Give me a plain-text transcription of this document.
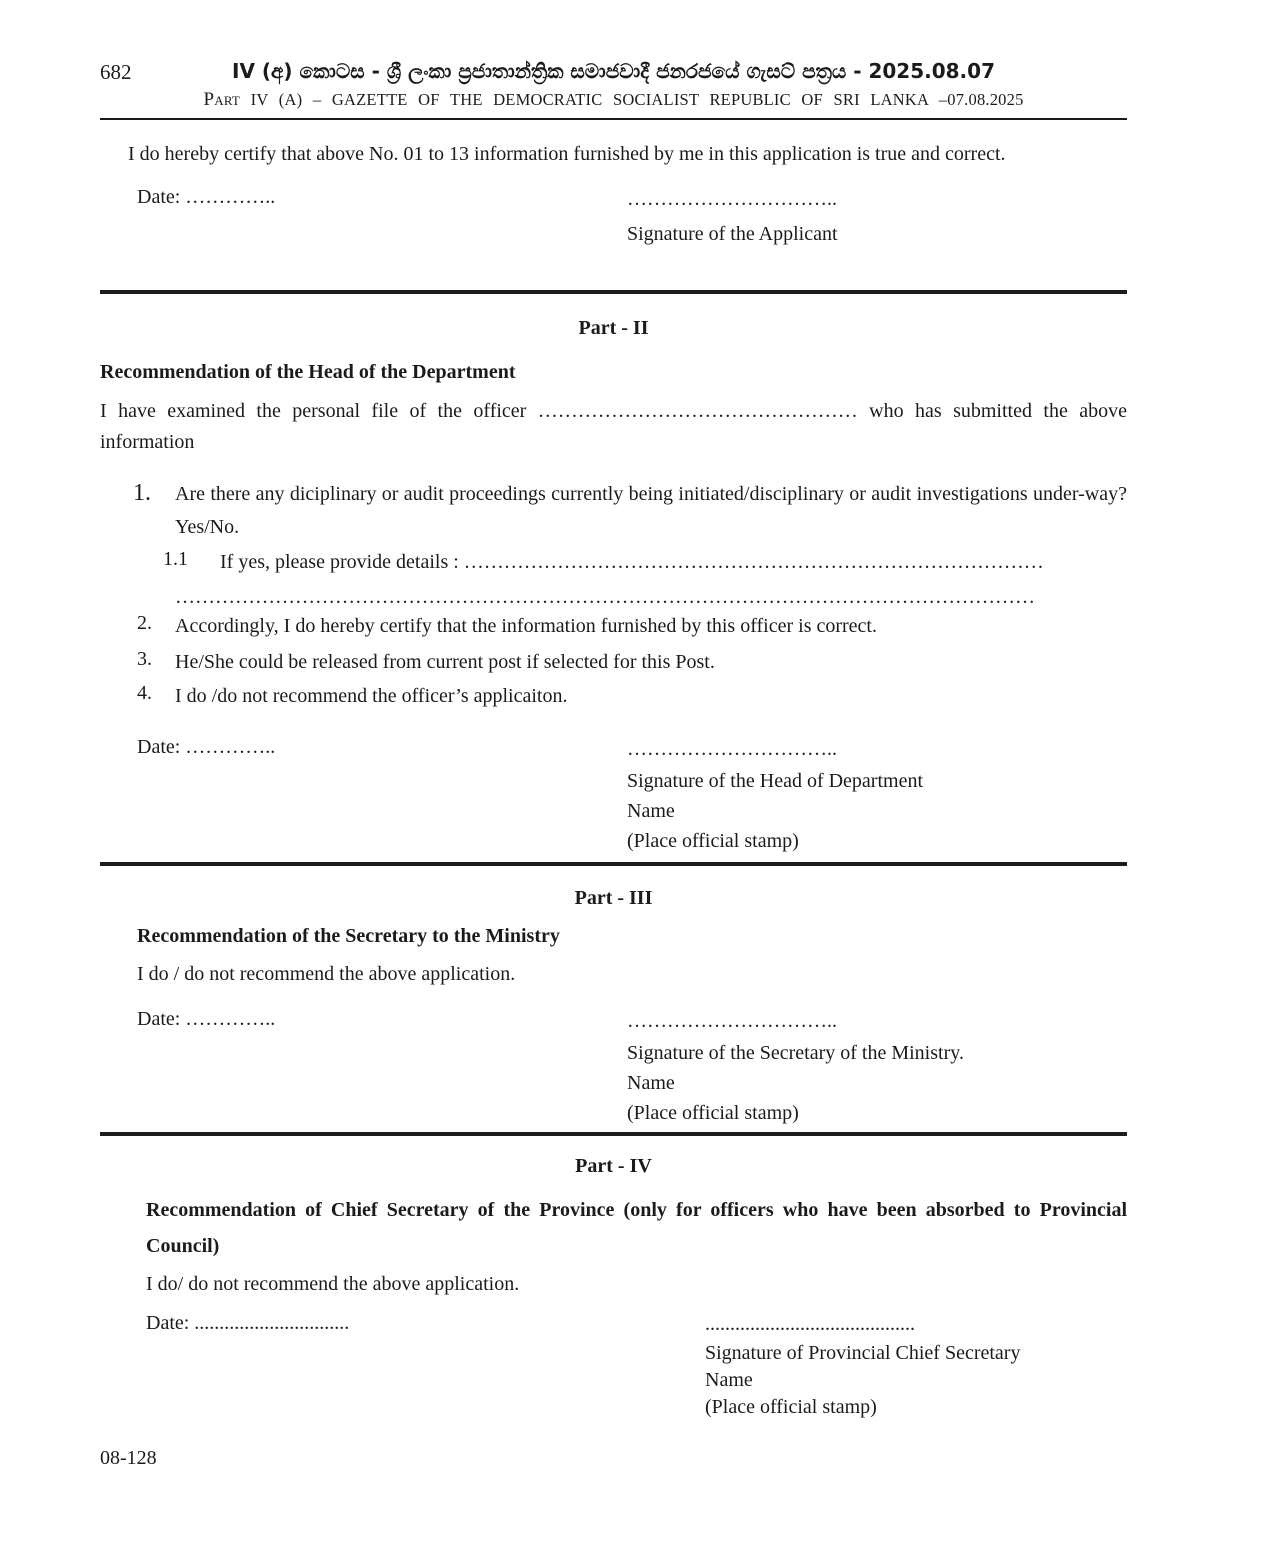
682	IV (අ) කොටස - ශ්‍රී ලංකා ප්‍රජාතාන්ත්‍රික සමාජවාදී ජනරජයේ ගැසට් පත්‍රය - 2025.08.07
Part IV (A) – GAZETTE OF THE DEMOCRATIC SOCIALIST REPUBLIC OF SRI LANKA –07.08.2025

I do hereby certify that above No. 01 to 13 information furnished by me in this application is true and correct.

Date: …………..	…………………………..
Signature of the Applicant
Part - II
Recommendation of the Head of the Department

I have examined the personal file of the officer ………………………………………… who has submitted the above information

1.	Are there any diciplinary or audit proceedings currently being initiated/disciplinary or audit investigations under-way? Yes/No.
1.1	If yes, please provide details : ……………………………………………………………………………
…………………………………………………………………………………………………………………
2.	Accordingly, I do hereby certify that the information furnished by this officer is correct.
3.	He/She could be released from current post if selected for this Post.
4.	I do /do not recommend the officer’s applicaiton.
Date: …………..	…………………………..
Signature of the Head of Department
Name
(Place official stamp)
Part - III
Recommendation of the Secretary to the Ministry

I do / do not recommend the above application.

Date: …………..	…………………………..
Signature of the Secretary of the Ministry.
Name
(Place official stamp)
Part - IV
Recommendation of Chief Secretary of the Province (only for officers who have been absorbed to Provincial Council)

I do/ do not recommend the above application.

Date: ...............................	..........................................
Signature of Provincial Chief Secretary
Name
(Place official stamp)
08-128
